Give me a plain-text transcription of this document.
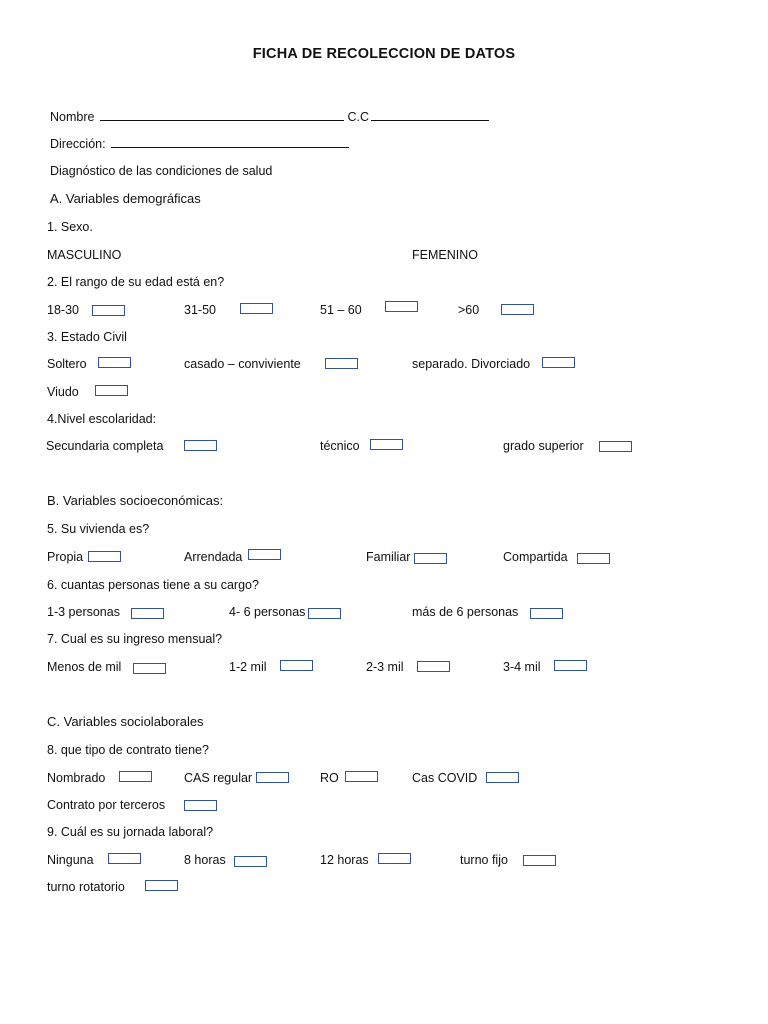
FICHA DE RECOLECCION DE DATOS
Nombre	C.C
Dirección:
Diagnóstico de las condiciones de salud
A. Variables demográficas
1. Sexo.
MASCULINO	FEMENINO
2. El rango de su edad está en?
18-30	31-50	51 – 60	>60
3. Estado Civil
Soltero	casado – conviviente	separado. Divorciado
Viudo
4.Nivel escolaridad:
Secundaria completa	técnico	grado superior
B. Variables socioeconómicas:
5. Su vivienda es?
Propia	Arrendada	Familiar	Compartida
6. cuantas personas tiene a su cargo?
1-3 personas	4- 6 personas	más de 6 personas
7. Cual es su ingreso mensual?
Menos de mil	1-2 mil	2-3 mil	3-4 mil
C. Variables sociolaborales
8. que tipo de contrato tiene?
Nombrado	CAS regular	RO	Cas COVID
Contrato por terceros
9. Cuál es su jornada laboral?
Ninguna	8 horas	12 horas	turno fijo
turno rotatorio
